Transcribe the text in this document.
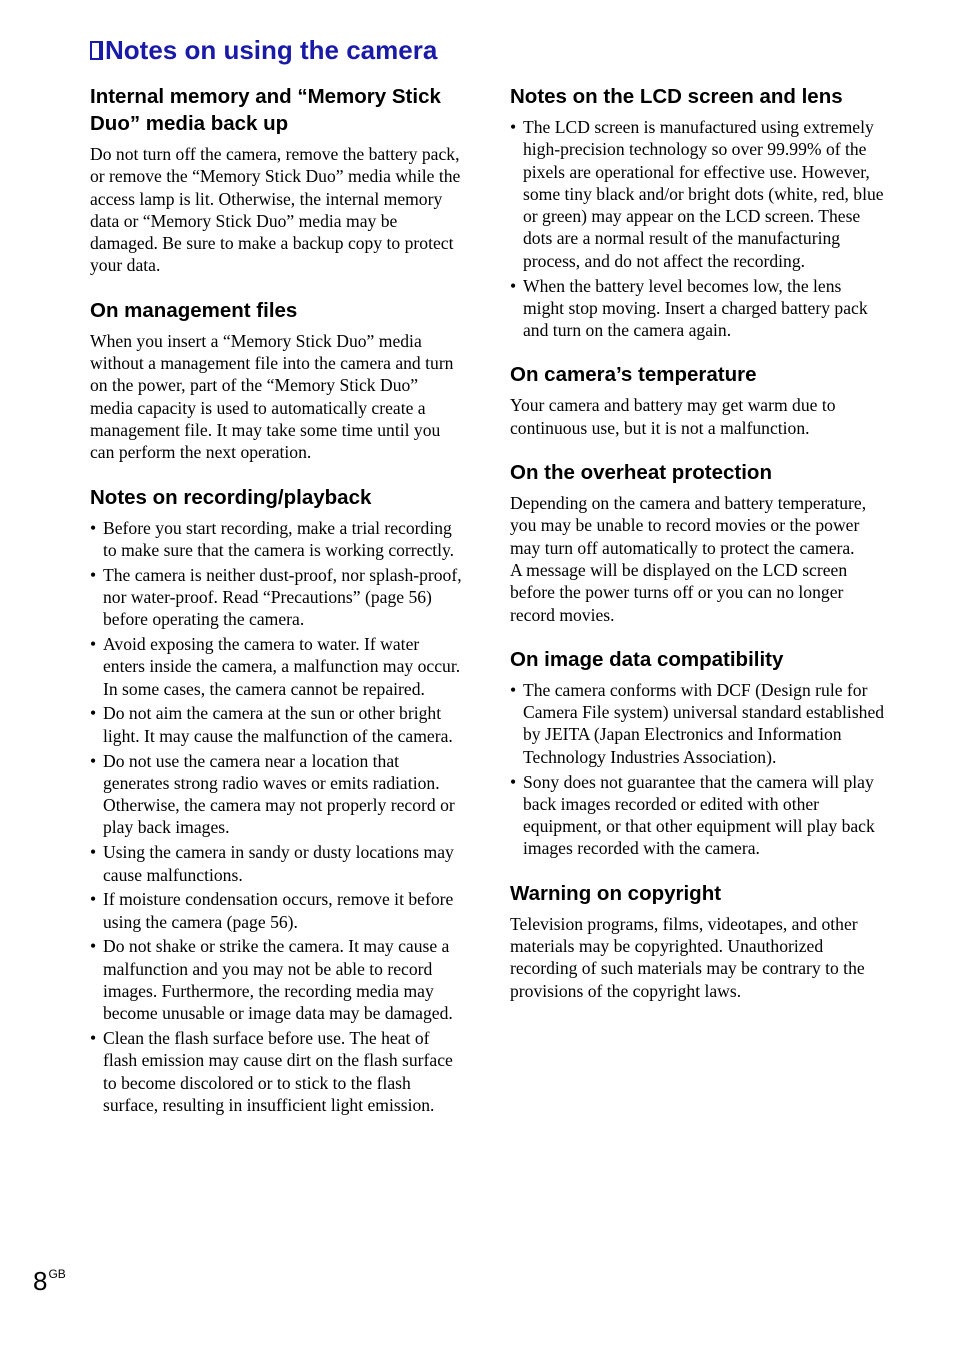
Notes on using the camera
Internal memory and “Memory Stick Duo” media back up

Do not turn off the camera, remove the battery pack, or remove the “Memory Stick Duo” media while the access lamp is lit. Otherwise, the internal memory data or “Memory Stick Duo” media may be damaged. Be sure to make a backup copy to protect your data.

On management files

When you insert a “Memory Stick Duo” media without a management file into the camera and turn on the power, part of the “Memory Stick Duo” media capacity is used to automatically create a management file. It may take some time until you can perform the next operation.

Notes on recording/playback
• Before you start recording, make a trial recording to make sure that the camera is working correctly.
• The camera is neither dust-proof, nor splash-proof, nor water-proof. Read “Precautions” (page 56) before operating the camera.
• Avoid exposing the camera to water. If water enters inside the camera, a malfunction may occur. In some cases, the camera cannot be repaired.
• Do not aim the camera at the sun or other bright light. It may cause the malfunction of the camera.
• Do not use the camera near a location that generates strong radio waves or emits radiation. Otherwise, the camera may not properly record or play back images.
• Using the camera in sandy or dusty locations may cause malfunctions.
• If moisture condensation occurs, remove it before using the camera (page 56).
• Do not shake or strike the camera. It may cause a malfunction and you may not be able to record images. Furthermore, the recording media may become unusable or image data may be damaged.
• Clean the flash surface before use. The heat of flash emission may cause dirt on the flash surface to become discolored or to stick to the flash surface, resulting in insufficient light emission.
Notes on the LCD screen and lens
• The LCD screen is manufactured using extremely high-precision technology so over 99.99% of the pixels are operational for effective use. However, some tiny black and/or bright dots (white, red, blue or green) may appear on the LCD screen. These dots are a normal result of the manufacturing process, and do not affect the recording.
• When the battery level becomes low, the lens might stop moving. Insert a charged battery pack and turn on the camera again.
On camera’s temperature

Your camera and battery may get warm due to continuous use, but it is not a malfunction.

On the overheat protection

Depending on the camera and battery temperature, you may be unable to record movies or the power may turn off automatically to protect the camera.

A message will be displayed on the LCD screen before the power turns off or you can no longer record movies.

On image data compatibility
• The camera conforms with DCF (Design rule for Camera File system) universal standard established by JEITA (Japan Electronics and Information Technology Industries Association).
• Sony does not guarantee that the camera will play back images recorded or edited with other equipment, or that other equipment will play back images recorded with the camera.
Warning on copyright

Television programs, films, videotapes, and other materials may be copyrighted. Unauthorized recording of such materials may be contrary to the provisions of the copyright laws.

$8^{GB}$
